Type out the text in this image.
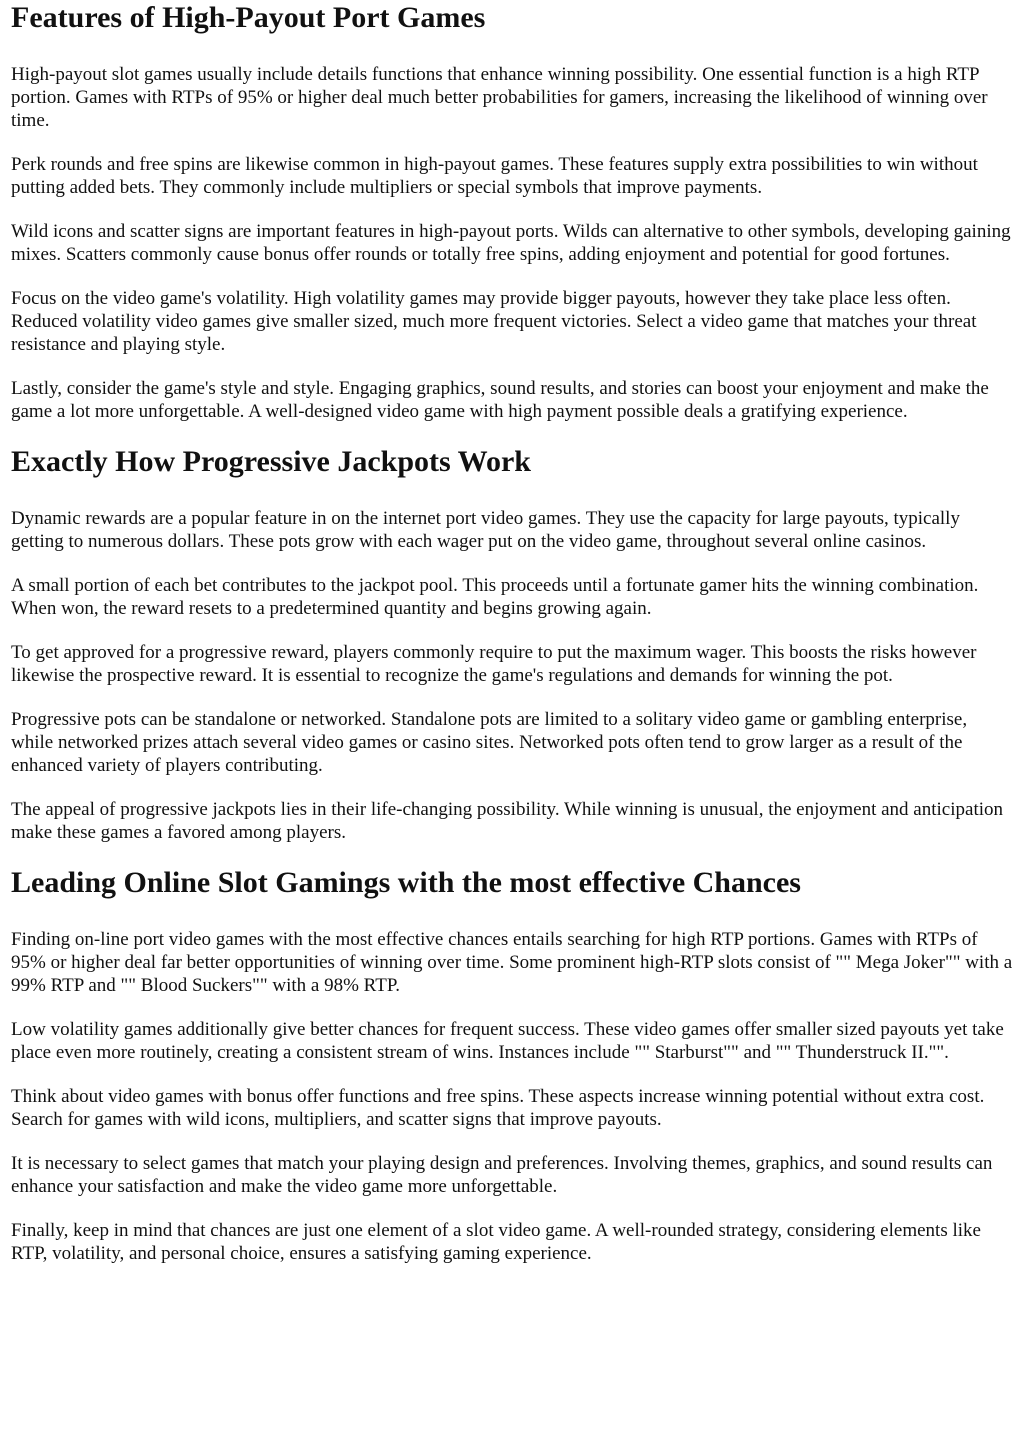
Features of High-Payout Port Games

High-payout slot games usually include details functions that enhance winning possibility. One essential function is a high RTP portion. Games with RTPs of 95% or higher deal much better probabilities for gamers, increasing the likelihood of winning over time.

Perk rounds and free spins are likewise common in high-payout games. These features supply extra possibilities to win without putting added bets. They commonly include multipliers or special symbols that improve payments.

Wild icons and scatter signs are important features in high-payout ports. Wilds can alternative to other symbols, developing gaining mixes. Scatters commonly cause bonus offer rounds or totally free spins, adding enjoyment and potential for good fortunes.

Focus on the video game's volatility. High volatility games may provide bigger payouts, however they take place less often. Reduced volatility video games give smaller sized, much more frequent victories. Select a video game that matches your threat resistance and playing style.

Lastly, consider the game's style and style. Engaging graphics, sound results, and stories can boost your enjoyment and make the game a lot more unforgettable. A well-designed video game with high payment possible deals a gratifying experience.

Exactly How Progressive Jackpots Work

Dynamic rewards are a popular feature in on the internet port video games. They use the capacity for large payouts, typically getting to numerous dollars. These pots grow with each wager put on the video game, throughout several online casinos.

A small portion of each bet contributes to the jackpot pool. This proceeds until a fortunate gamer hits the winning combination. When won, the reward resets to a predetermined quantity and begins growing again.

To get approved for a progressive reward, players commonly require to put the maximum wager. This boosts the risks however likewise the prospective reward. It is essential to recognize the game's regulations and demands for winning the pot.

Progressive pots can be standalone or networked. Standalone pots are limited to a solitary video game or gambling enterprise, while networked prizes attach several video games or casino sites. Networked pots often tend to grow larger as a result of the enhanced variety of players contributing.

The appeal of progressive jackpots lies in their life-changing possibility. While winning is unusual, the enjoyment and anticipation make these games a favored among players.

Leading Online Slot Gamings with the most effective Chances

Finding on-line port video games with the most effective chances entails searching for high RTP portions. Games with RTPs of 95% or higher deal far better opportunities of winning over time. Some prominent high-RTP slots consist of "" Mega Joker"" with a 99% RTP and "" Blood Suckers"" with a 98% RTP.

Low volatility games additionally give better chances for frequent success. These video games offer smaller sized payouts yet take place even more routinely, creating a consistent stream of wins. Instances include "" Starburst"" and "" Thunderstruck II."".

Think about video games with bonus offer functions and free spins. These aspects increase winning potential without extra cost. Search for games with wild icons, multipliers, and scatter signs that improve payouts.

It is necessary to select games that match your playing design and preferences. Involving themes, graphics, and sound results can enhance your satisfaction and make the video game more unforgettable.

Finally, keep in mind that chances are just one element of a slot video game. A well-rounded strategy, considering elements like RTP, volatility, and personal choice, ensures a satisfying gaming experience.
